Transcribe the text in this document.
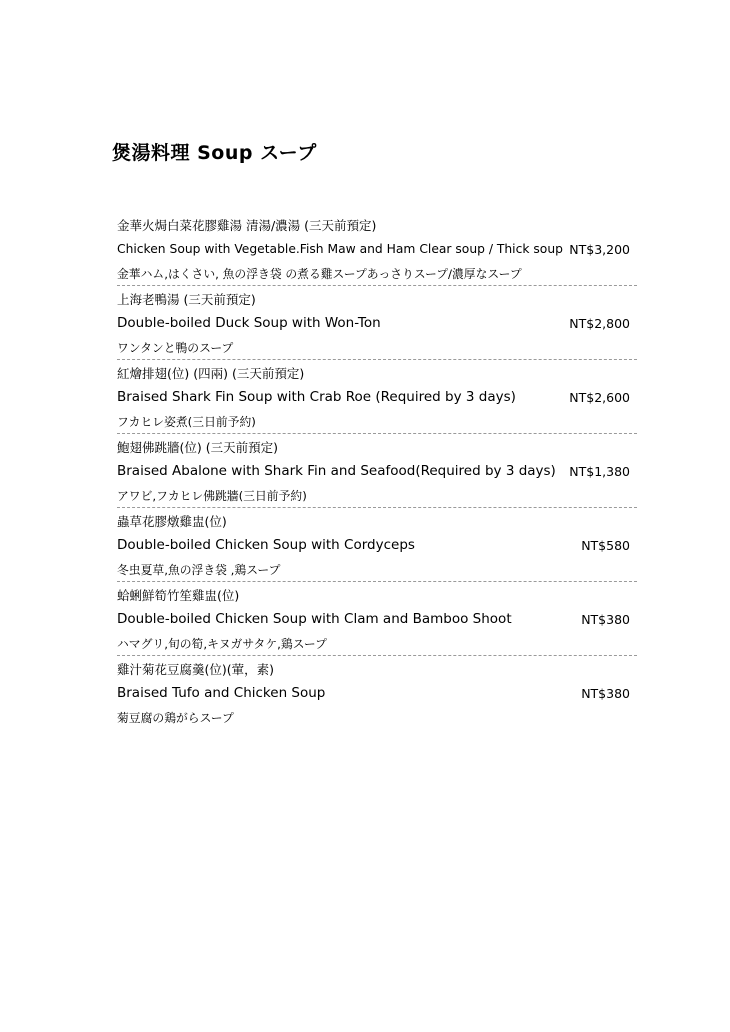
煲湯料理 Soup スープ
金華火焗白菜花膠雞湯 清湯/濃湯 (三天前預定)
Chicken Soup with Vegetable.Fish Maw and Ham Clear soup / Thick soup NT$3,200
金華ハム,はくさい, 魚の浮き袋 の煮る雞スープあっさりスープ/濃厚なスープ
上海老鴨湯 (三天前預定)
Double-boiled Duck Soup with Won-Ton	NT$2,800
ワンタンと鴨のスープ
紅燴排翅(位) (四兩) (三天前預定)
Braised Shark Fin Soup with Crab Roe (Required by 3 days)	NT$2,600
フカヒレ姿煮(三日前予約)
鮑翅佛跳牆(位) (三天前預定)
Braised Abalone with Shark Fin and Seafood(Required by 3 days) NT$1,380
アワビ,フカヒレ佛跳牆(三日前予約)
蟲草花膠燉雞盅(位)
Double-boiled Chicken Soup with Cordyceps	NT$580
冬虫夏草,魚の浮き袋 ,鶏スープ
蛤蜊鮮筍竹笙雞盅(位)
Double-boiled Chicken Soup with Clam and Bamboo Shoot	NT$380
ハマグリ,旬の筍,キヌガサタケ,鶏スープ
雞汁菊花豆腐羹(位)(葷，素)
Braised Tufo and Chicken Soup	NT$380
菊豆腐の鶏がらスープ
